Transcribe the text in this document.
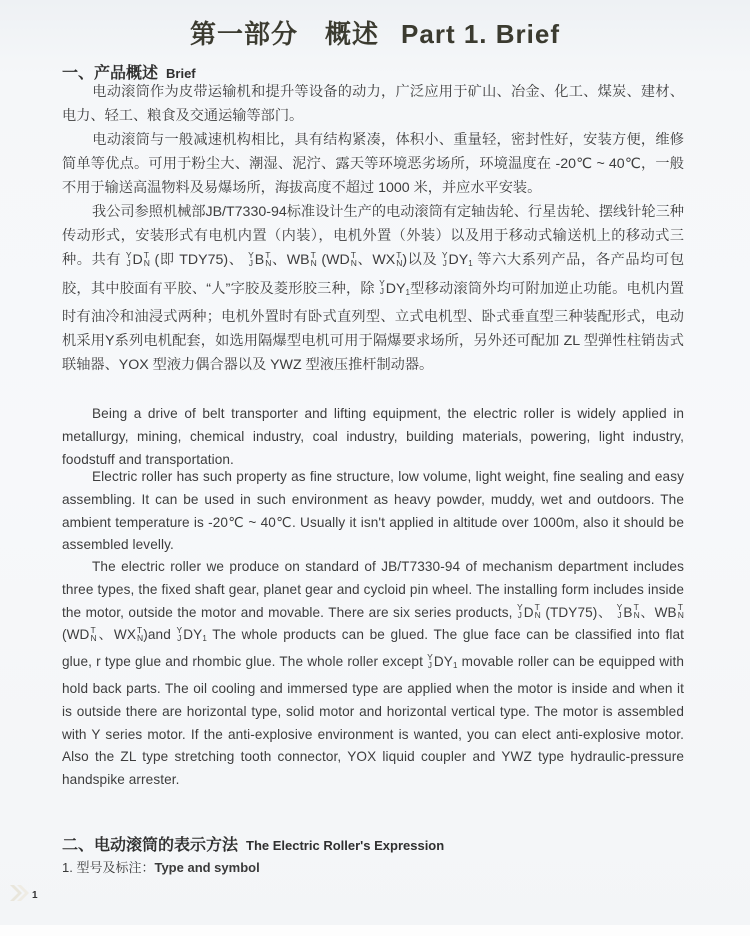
第一部分　概述 Part 1. Brief
一、产品概述 Brief

电动滚筒作为皮带运输机和提升等设备的动力，广泛应用于矿山、冶金、化工、煤炭、建材、电力、轻工、粮食及交通运输等部门。

电动滚筒与一般减速机构相比，具有结构紧凑，体积小、重量轻，密封性好，安装方便，维修简单等优点。可用于粉尘大、潮湿、泥泞、露天等环境恶劣场所，环境温度在 -20℃ ~ 40℃，一般不用于输送高温物料及易爆场所，海拔高度不超过 1000 米，并应水平安装。

我公司参照机械部JB/T7330-94标准设计生产的电动滚筒有定轴齿轮、行星齿轮、摆线针轮三种传动形式，安装形式有电机内置（内装），电机外置（外装）以及用于移动式输送机上的移动式三种。共有 Y
J D T
N (即 TDY75)、 Y
J B T
N 、WB T
N (WD T
N 、WX T
N )以及 Y
J DY1 等六大系列产品，各产品均可包胶，其中胶面有平胶、“人”字胶及菱形胶三种，除 Y
J DY1型移动滚筒外均可附加逆止功能。电机内置时有油冷和油浸式两种；电机外置时有卧式直列型、立式电机型、卧式垂直型三种装配形式，电动机采用Y系列电机配套，如选用隔爆型电机可用于隔爆要求场所，另外还可配加 ZL 型弹性柱销齿式联轴器、YOX 型液力偶合器以及 YWZ 型液压推杆制动器。

Being a drive of belt transporter and lifting equipment, the electric roller is widely applied in metallurgy, mining, chemical industry, coal industry, building materials, powering, light industry, foodstuff and transportation.

Electric roller has such property as fine structure, low volume, light weight, fine sealing and easy assembling. It can be used in such environment as heavy powder, muddy, wet and outdoors. The ambient temperature is -20℃ ~ 40℃. Usually it isn't applied in altitude over 1000m, also it should be assembled levelly.

The electric roller we produce on standard of JB/T7330-94 of mechanism department includes three types, the fixed shaft gear, planet gear and cycloid pin wheel. The installing form includes inside the motor, outside the motor and movable. There are six series products, Y
J D T
N (TDY75)、 Y
J B T
N 、WB T
N
(WD T
N 、WX T
N )and Y
J DY1 The whole products can be glued. The glue face can be classified into flat glue, r type glue and rhombic glue. The whole roller except Y
J DY1 movable roller can be equipped with hold back parts. The oil cooling and immersed type are applied when the motor is inside and when it is outside there are horizontal type, solid motor and horizontal vertical type. The motor is assembled with Y series motor. If the anti-explosive environment is wanted, you can elect anti-explosive motor. Also the ZL type stretching tooth connector, YOX liquid coupler and YWZ type hydraulic-pressure handspike arrester.

二、电动滚筒的表示方法 The Electric Roller's Expression
1. 型号及标注：Type and symbol
1
